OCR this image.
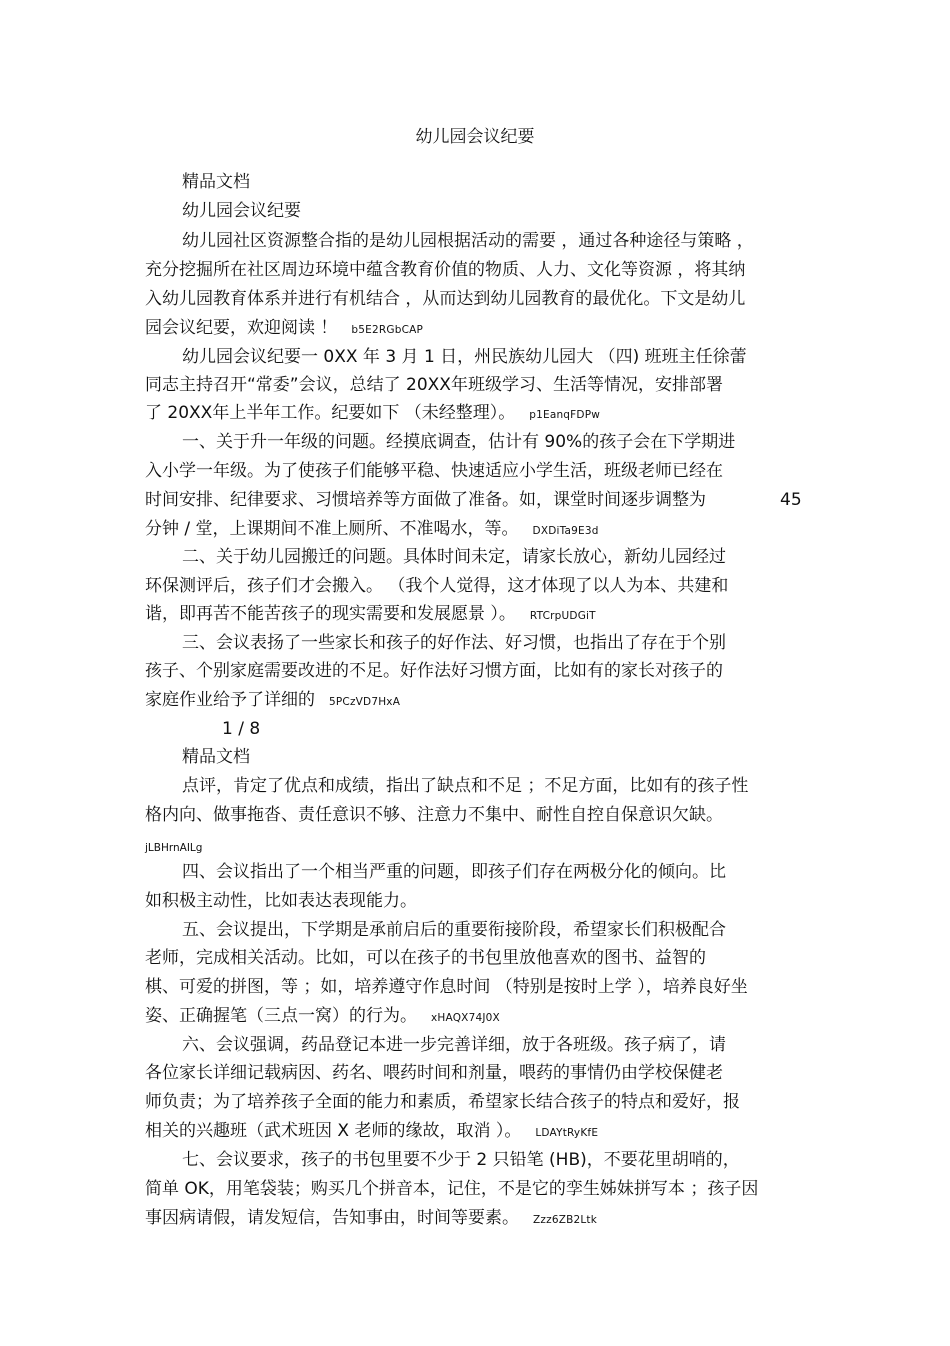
幼儿园会议纪要
精品文档
幼儿园会议纪要
幼儿园社区资源整合指的是幼儿园根据活动的需要 ，通过各种途径与策略 ，
充分挖掘所在社区周边环境中蕴含教育价值的物质、人力、文化等资源 ，将其纳
入幼儿园教育体系并进行有机结合 ，从而达到幼儿园教育的最优化。下文是幼儿
园会议纪要，欢迎阅读 ！ b5E2RGbCAP
幼儿园会议纪要一 0XX 年 3 月 1 日，州民族幼儿园大 （四) 班班主任徐蕾
同志主持召开“常委”会议，总结了 20XX年班级学习、生活等情况，安排部署
了 20XX年上半年工作。纪要如下 （未经整理）。 p1EanqFDPw
一、关于升一年级的问题。经摸底调查，估计有 90%的孩子会在下学期进
入小学一年级。为了使孩子们能够平稳、快速适应小学生活，班级老师已经在
时间安排、纪律要求、习惯培养等方面做了准备。如，课堂时间逐步调整为	45
分钟 / 堂，上课期间不准上厕所、不准喝水，等。 DXDiTa9E3d
二、关于幼儿园搬迁的问题。具体时间未定，请家长放心，新幼儿园经过
环保测评后，孩子们才会搬入。 （我个人觉得，这才体现了以人为本、共建和
谐，即再苦不能苦孩子的现实需要和发展愿景 ）。 RTCrpUDGiT
三、会议表扬了一些家长和孩子的好作法、好习惯，也指出了存在于个别
孩子、个别家庭需要改进的不足。好作法好习惯方面，比如有的家长对孩子的
家庭作业给予了详细的 5PCzVD7HxA
1 / 8
精品文档
点评，肯定了优点和成绩，指出了缺点和不足 ；不足方面，比如有的孩子性
格内向、做事拖沓、责任意识不够、注意力不集中、耐性自控自保意识欠缺。
jLBHrnAILg
四、会议指出了一个相当严重的问题，即孩子们存在两极分化的倾向。比
如积极主动性，比如表达表现能力。
五、会议提出，下学期是承前启后的重要衔接阶段，希望家长们积极配合
老师，完成相关活动。比如，可以在孩子的书包里放他喜欢的图书、益智的
棋、可爱的拼图，等 ；如，培养遵守作息时间 （特别是按时上学 ），培养良好坐
姿、正确握笔（三点一窝）的行为。 xHAQX74J0X
六、会议强调，药品登记本进一步完善详细，放于各班级。孩子病了，请
各位家长详细记载病因、药名、喂药时间和剂量，喂药的事情仍由学校保健老
师负责；为了培养孩子全面的能力和素质，希望家长结合孩子的特点和爱好，报
相关的兴趣班（武术班因 X 老师的缘故，取消 ）。 LDAYtRyKfE
七、会议要求，孩子的书包里要不少于 2 只铅笔 (HB)，不要花里胡哨的，
简单 OK，用笔袋装；购买几个拼音本，记住，不是它的孪生姊妹拼写本 ；孩子因
事因病请假，请发短信，告知事由，时间等要素。 Zzz6ZB2Ltk
